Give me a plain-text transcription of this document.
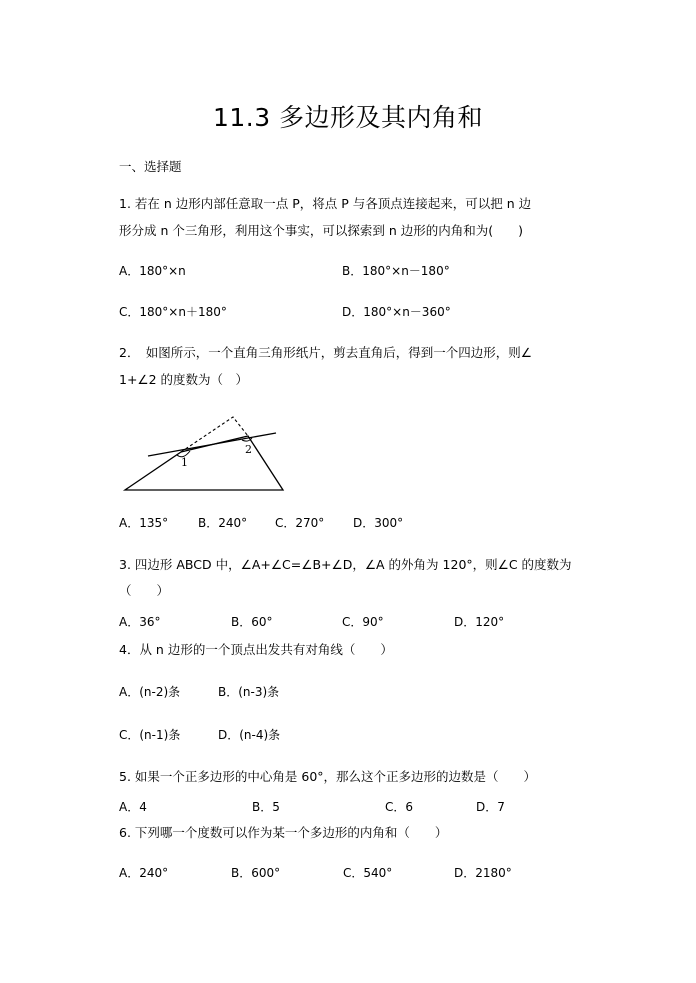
11.3 多边形及其内角和
一、选择题
1. 若在 n 边形内部任意取一点 P，将点 P 与各顶点连接起来，可以把 n 边
形分成 n 个三角形，利用这个事实，可以探索到 n 边形的内角和为(　　)
A．180°×n	B．180°×n－180°
C．180°×n＋180°	D．180°×n－360°
2．　如图所示，一个直角三角形纸片，剪去直角后，得到一个四边形，则∠
1+∠2 的度数为（　）
1
2
A．135° B．240° C．270° D．300°
3. 四边形 ABCD 中，∠A+∠C=∠B+∠D，∠A 的外角为 120°，则∠C 的度数为
（　　）
A．36°	B．60°	C．90°	D．120°
4．从 n 边形的一个顶点出发共有对角线（　　）
A．(n-2)条	B．(n-3)条
C．(n-1)条	D．(n-4)条
5. 如果一个正多边形的中心角是 60°，那么这个正多边形的边数是（　　）
A．4	B．5	C．6	D．7
6. 下列哪一个度数可以作为某一个多边形的内角和（　　）
A．240°	B．600°	C．540°	D．2180°
